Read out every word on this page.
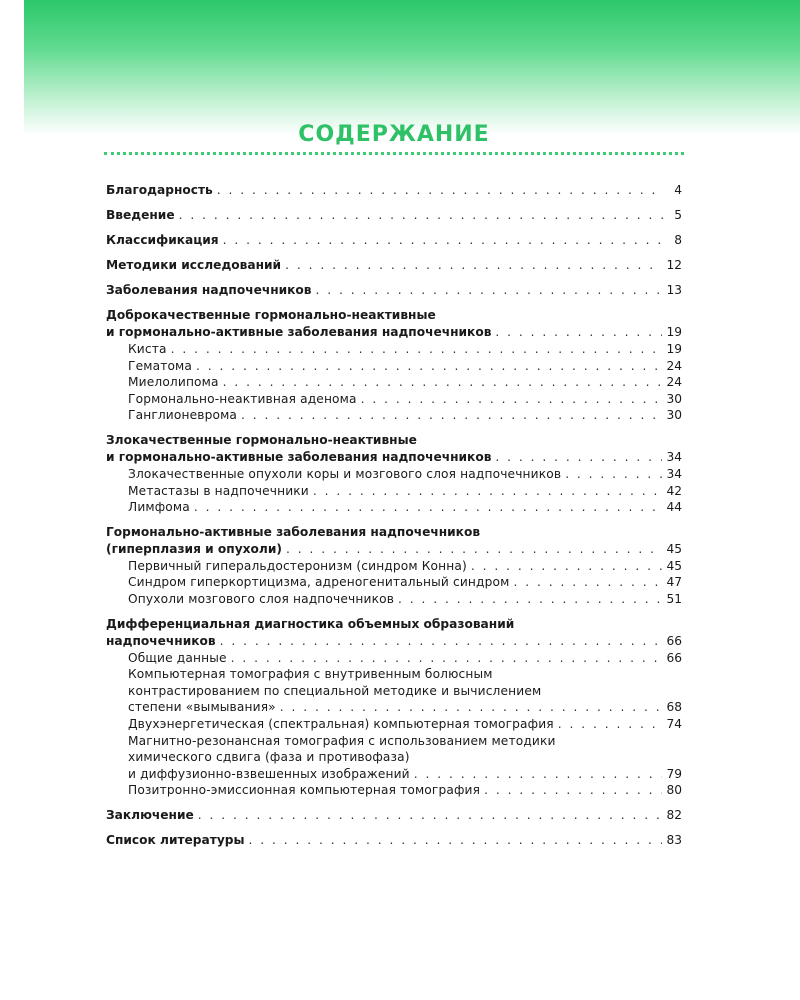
СОДЕРЖАНИЕ
Благодарность . . .	4
Введение . . .	5
Классификация . . .	8
Методики исследований . . .	12
Заболевания надпочечников . . .	13
Доброкачественные гормонально-неактивные
и гормонально-активные заболевания надпочечников . . .	19
Киста . . .	19
Гематома . . .	24
Миелолипома . . .	24
Гормонально-неактивная аденома . . .	30
Ганглионеврома . . .	30
Злокачественные гормонально-неактивные
и гормонально-активные заболевания надпочечников . . .	34
Злокачественные опухоли коры и мозгового слоя надпочечников . . .	34
Метастазы в надпочечники . . .	42
Лимфома . . .	44
Гормонально-активные заболевания надпочечников
(гиперплазия и опухоли) . . .	45
Первичный гиперальдостеронизм (синдром Конна) . . .	45
Синдром гиперкортицизма, адреногенитальный синдром . . .	47
Опухоли мозгового слоя надпочечников . . .	51
Дифференциальная диагностика объемных образований
надпочечников . . .	66
Общие данные . . .	66
Компьютерная томография с внутривенным болюсным
контрастированием по специальной методике и вычислением
степени «вымывания» . . .	68
Двухэнергетическая (спектральная) компьютерная томография . . .	74
Магнитно-резонансная томография с использованием методики
химического сдвига (фаза и противофаза)
и диффузионно-взвешенных изображений . . .	79
Позитронно-эмиссионная компьютерная томография . . .	80
Заключение . . .	82
Список литературы . . .	83
